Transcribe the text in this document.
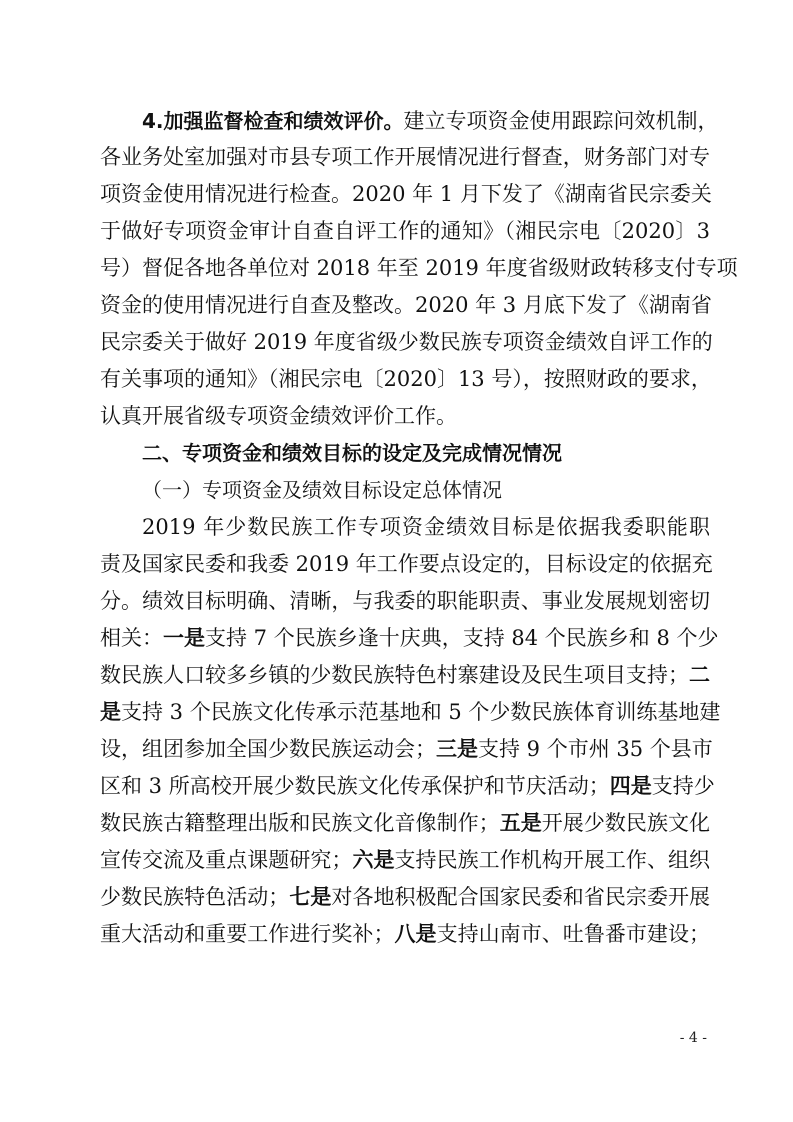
4.加强监督检查和绩效评价。建立专项资金使用跟踪问效机制，
各业务处室加强对市县专项工作开展情况进行督查，财务部门对专
项资金使用情况进行检查。2020 年 1 月下发了《湖南省民宗委关
于做好专项资金审计自查自评工作的通知》（湘民宗电〔2020〕3
号）督促各地各单位对 2018 年至 2019 年度省级财政转移支付专项
资金的使用情况进行自查及整改。2020 年 3 月底下发了《湖南省
民宗委关于做好 2019 年度省级少数民族专项资金绩效自评工作的
有关事项的通知》（湘民宗电〔2020〕13 号），按照财政的要求，
认真开展省级专项资金绩效评价工作。
二、专项资金和绩效目标的设定及完成情况情况
（一）专项资金及绩效目标设定总体情况
2019 年少数民族工作专项资金绩效目标是依据我委职能职
责及国家民委和我委 2019 年工作要点设定的，目标设定的依据充
分。绩效目标明确、清晰，与我委的职能职责、事业发展规划密切
相关：一是支持 7 个民族乡逢十庆典，支持 84 个民族乡和 8 个少
数民族人口较多乡镇的少数民族特色村寨建设及民生项目支持；二
是支持 3 个民族文化传承示范基地和 5 个少数民族体育训练基地建
设，组团参加全国少数民族运动会；三是支持 9 个市州 35 个县市
区和 3 所高校开展少数民族文化传承保护和节庆活动；四是支持少
数民族古籍整理出版和民族文化音像制作；五是开展少数民族文化
宣传交流及重点课题研究；六是支持民族工作机构开展工作、组织
少数民族特色活动；七是对各地积极配合国家民委和省民宗委开展
重大活动和重要工作进行奖补；八是支持山南市、吐鲁番市建设；
- 4 -
